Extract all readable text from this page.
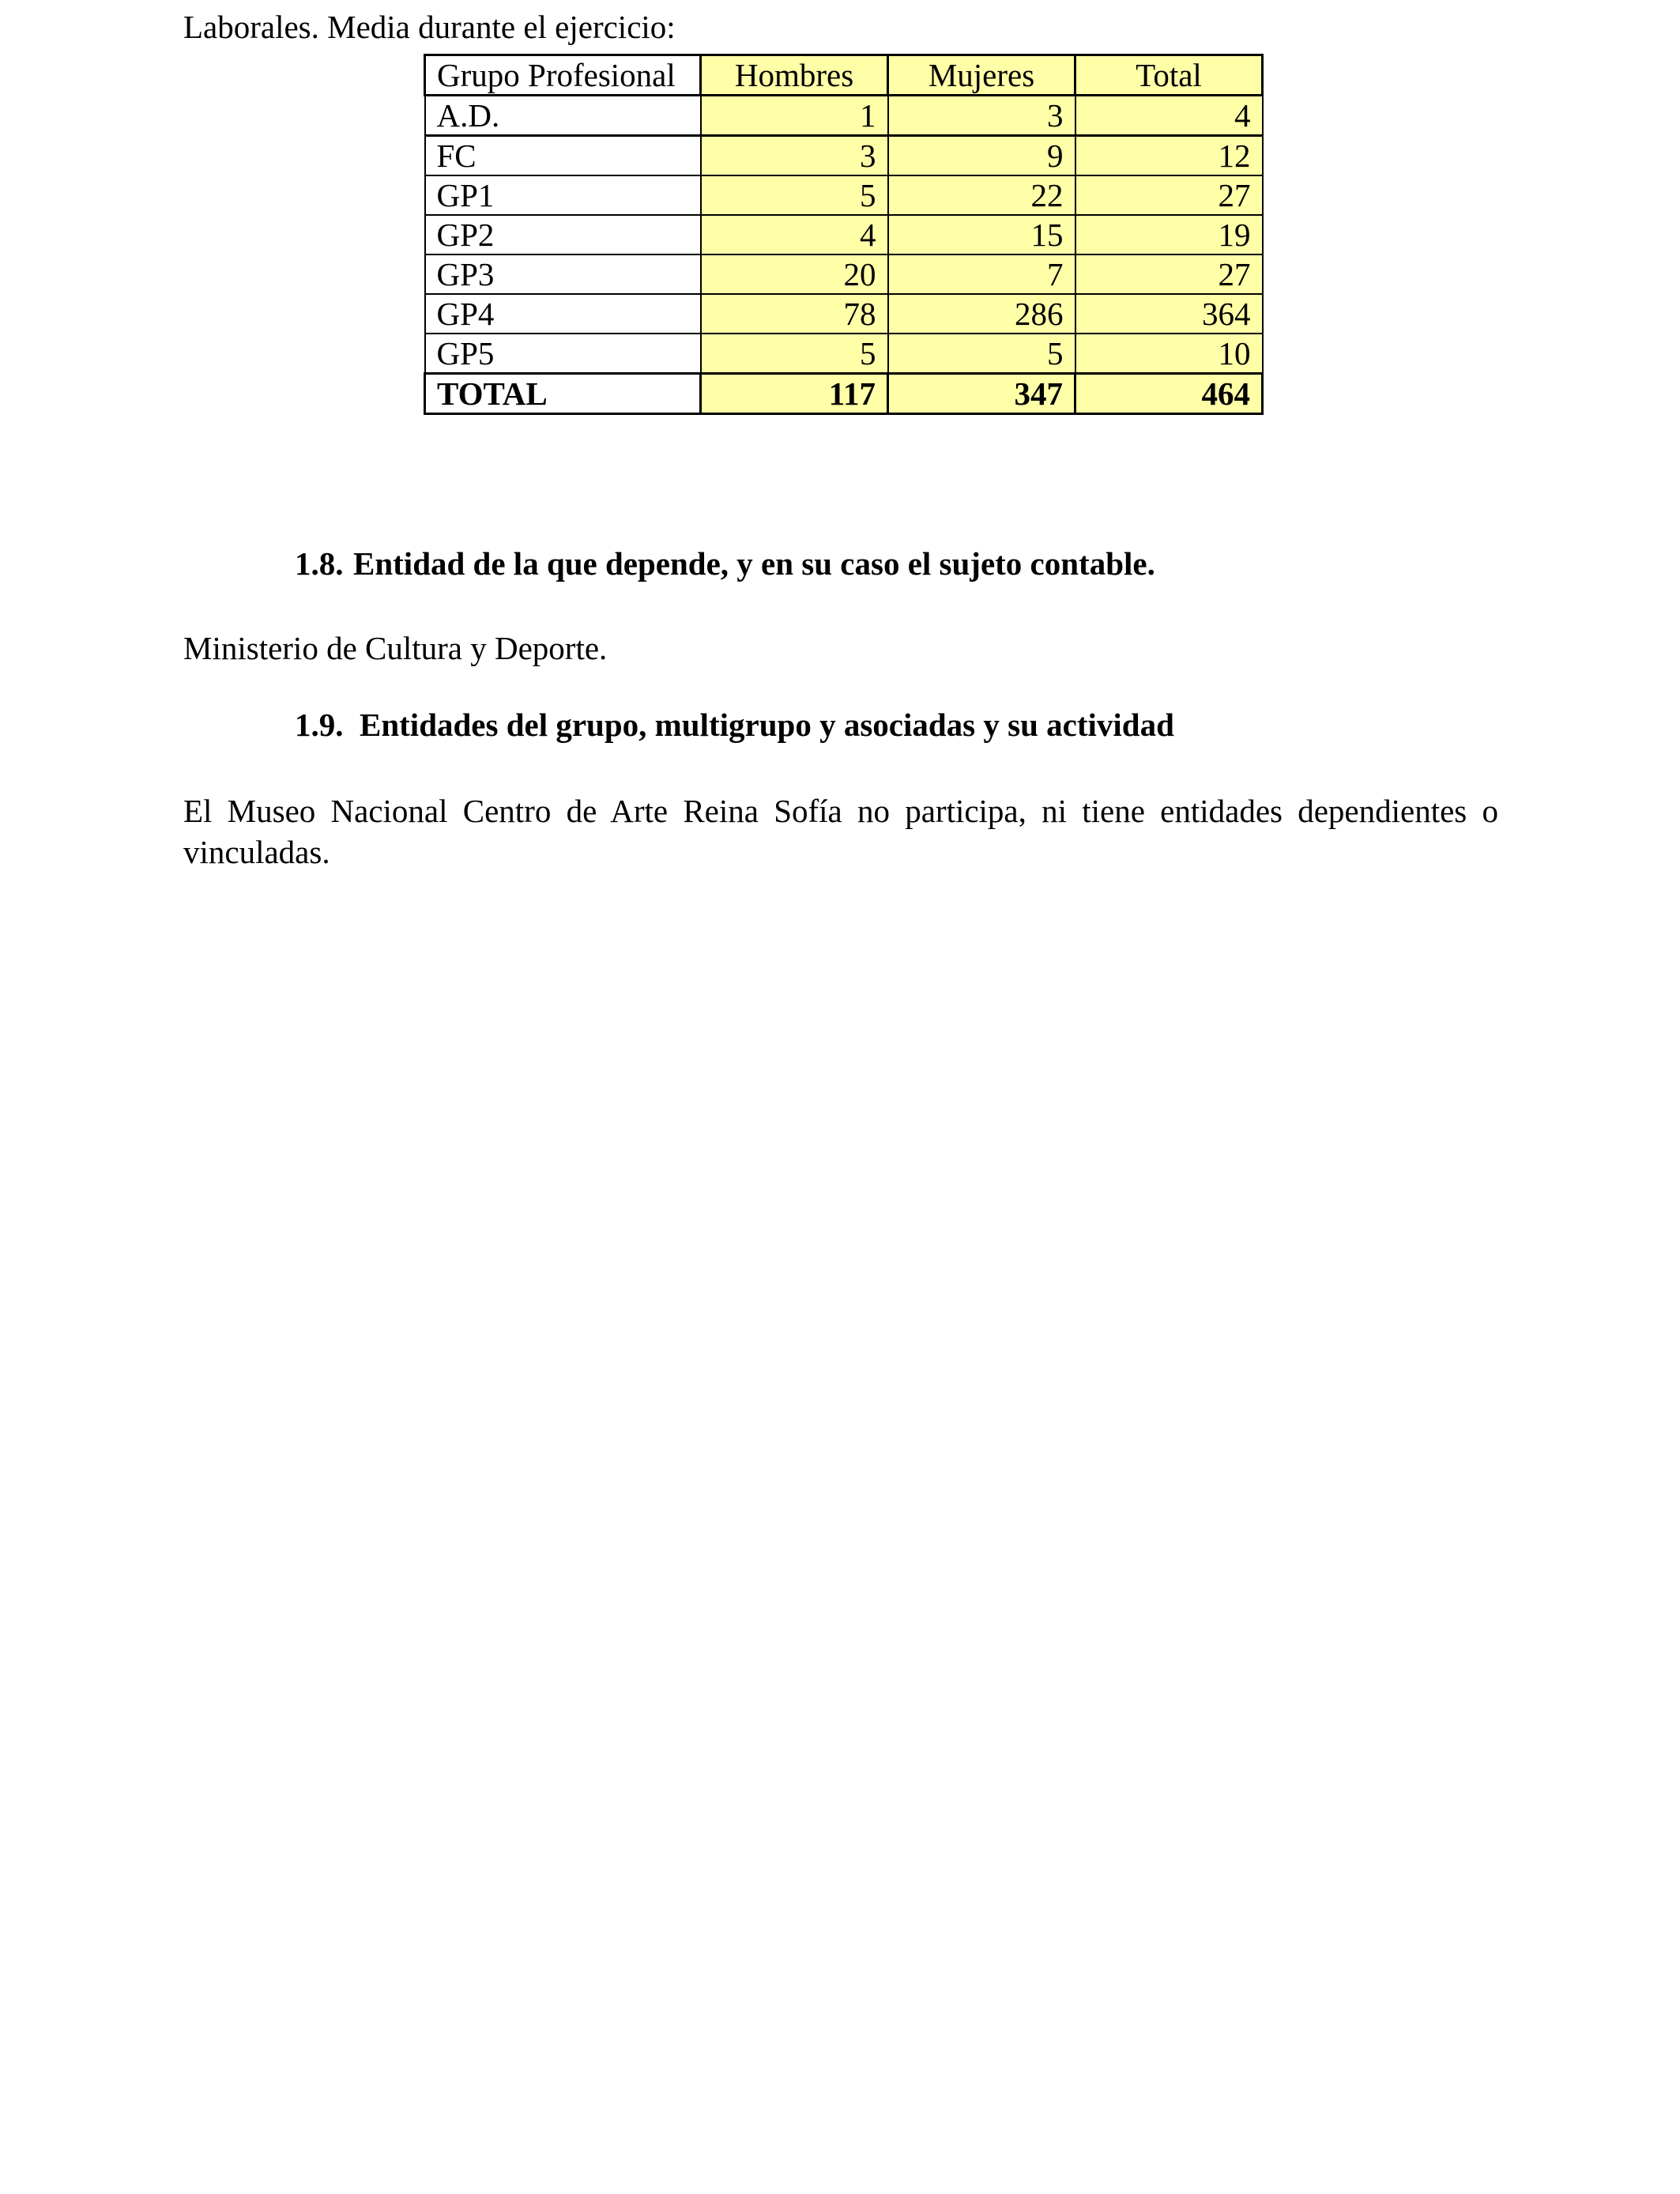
Laborales. Media durante el ejercicio:

Grupo Profesional	Hombres	Mujeres	Total
A.D.	1	3	4
FC	3	9	12
GP1	5	22	27
GP2	4	15	19
GP3	20	7	27
GP4	78	286	364
GP5	5	5	10
TOTAL	117	347	464
1.8. Entidad de la que depende, y en su caso el sujeto contable.

Ministerio de Cultura y Deporte.

1.9. Entidades del grupo, multigrupo y asociadas y su actividad

El Museo Nacional Centro de Arte Reina Sofía no participa, ni tiene entidades dependientes o vinculadas.
